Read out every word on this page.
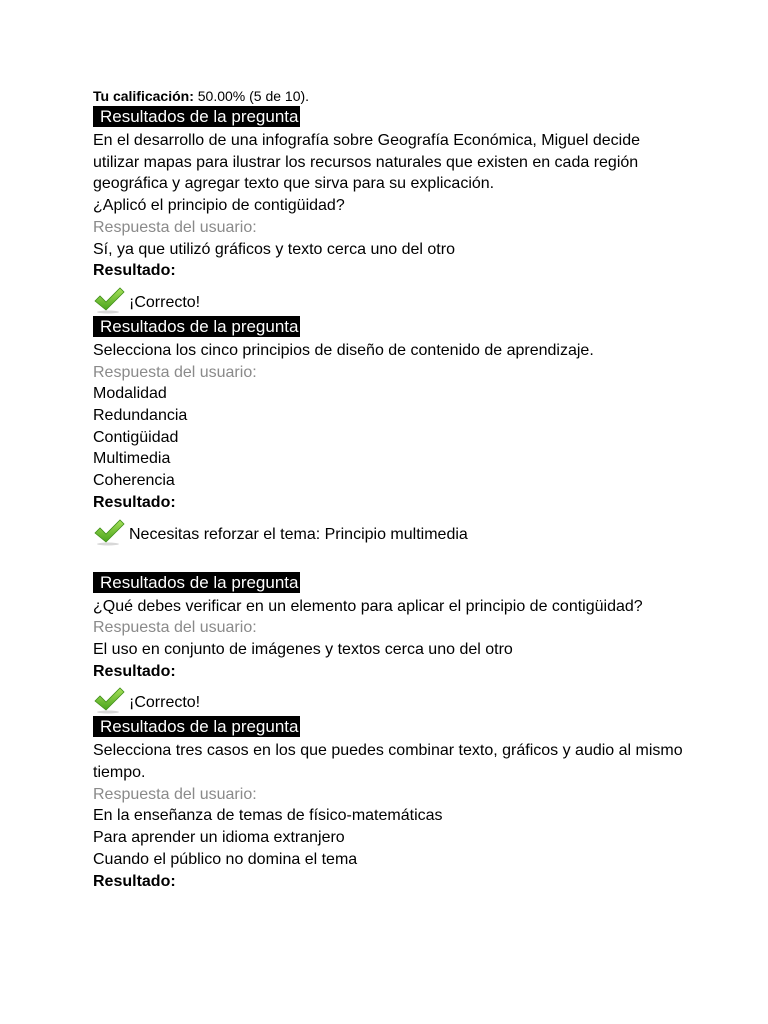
Tu calificación: 50.00% (5 de 10).

Resultados de la pregunta

En el desarrollo de una infografía sobre Geografía Económica, Miguel decide utilizar mapas para ilustrar los recursos naturales que existen en cada región geográfica y agregar texto que sirva para su explicación.

¿Aplicó el principio de contigüidad?

Respuesta del usuario:

Sí, ya que utilizó gráficos y texto cerca uno del otro

Resultado:

¡Correcto!
Resultados de la pregunta

Selecciona los cinco principios de diseño de contenido de aprendizaje.

Respuesta del usuario:

Modalidad

Redundancia

Contigüidad

Multimedia

Coherencia

Resultado:

Necesitas reforzar el tema: Principio multimedia
Resultados de la pregunta

¿Qué debes verificar en un elemento para aplicar el principio de contigüidad?

Respuesta del usuario:

El uso en conjunto de imágenes y textos cerca uno del otro

Resultado:

¡Correcto!
Resultados de la pregunta

Selecciona tres casos en los que puedes combinar texto, gráficos y audio al mismo tiempo.

Respuesta del usuario:

En la enseñanza de temas de físico-matemáticas

Para aprender un idioma extranjero

Cuando el público no domina el tema

Resultado:
